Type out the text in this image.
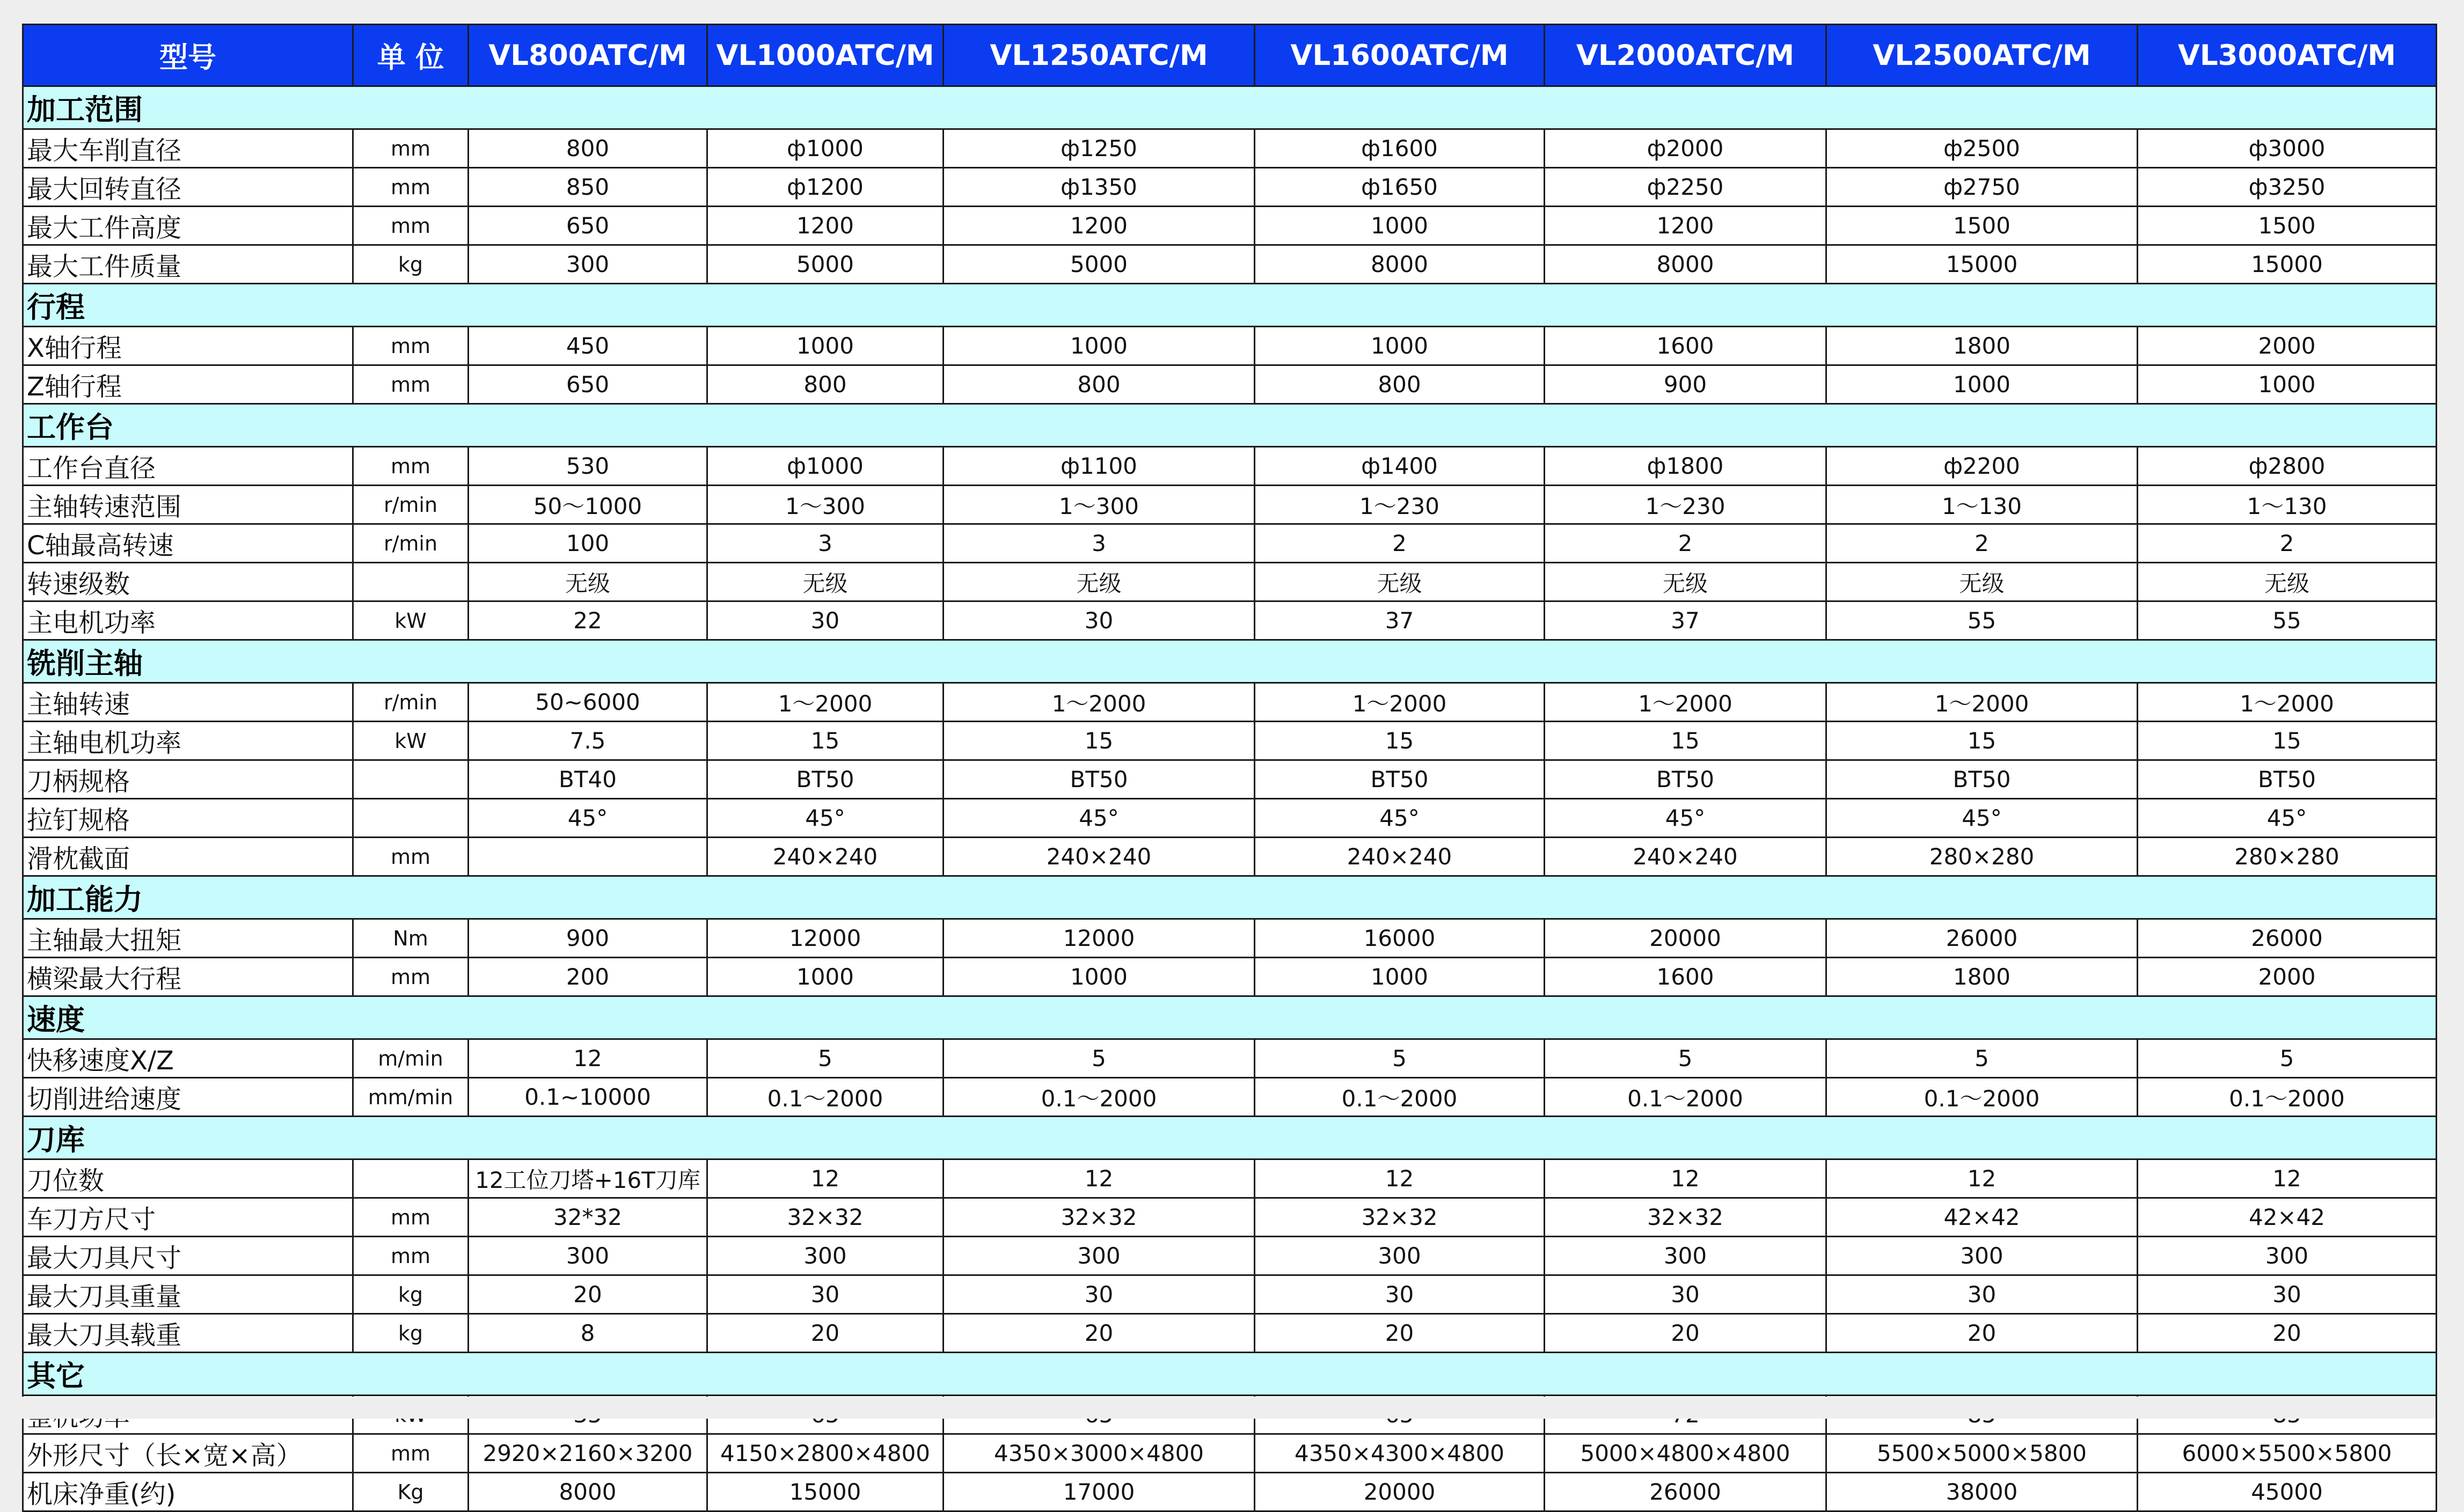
型号	单 位	VL800ATC/M	VL1000ATC/M	VL1250ATC/M	VL1600ATC/M	VL2000ATC/M	VL2500ATC/M	VL3000ATC/M
加工范围								
最大车削直径	mm	800	ф1000	ф1250	ф1600	ф2000	ф2500	ф3000
最大回转直径	mm	850	ф1200	ф1350	ф1650	ф2250	ф2750	ф3250
最大工件高度	mm	650	1200	1200	1000	1200	1500	1500
最大工件质量	kg	300	5000	5000	8000	8000	15000	15000
行程								
X轴行程	mm	450	1000	1000	1000	1600	1800	2000
Z轴行程	mm	650	800	800	800	900	1000	1000
工作台								
工作台直径	mm	530	ф1000	ф1100	ф1400	ф1800	ф2200	ф2800
主轴转速范围	r/min	50～1000	1～300	1～300	1～230	1～230	1～130	1～130
C轴最高转速	r/min	100	3	3	2	2	2	2
转速级数		无级	无级	无级	无级	无级	无级	无级
主电机功率	kW	22	30	30	37	37	55	55
铣削主轴								
主轴转速	r/min	50~6000	1～2000	1～2000	1～2000	1～2000	1～2000	1～2000
主轴电机功率	kW	7.5	15	15	15	15	15	15
刀柄规格		BT40	BT50	BT50	BT50	BT50	BT50	BT50
拉钉规格		45°	45°	45°	45°	45°	45°	45°
滑枕截面	mm		240×240	240×240	240×240	240×240	280×280	280×280
加工能力								
主轴最大扭矩	Nm	900	12000	12000	16000	20000	26000	26000
横梁最大行程	mm	200	1000	1000	1000	1600	1800	2000
速度								
快移速度X/Z	m/min	12	5	5	5	5	5	5
切削进给速度	mm/min	0.1~10000	0.1～2000	0.1～2000	0.1～2000	0.1～2000	0.1～2000	0.1～2000
刀库								
刀位数		12工位刀塔+16T刀库	12	12	12	12	12	12
车刀方尺寸	mm	32*32	32×32	32×32	32×32	32×32	42×42	42×42
最大刀具尺寸	mm	300	300	300	300	300	300	300
最大刀具重量	kg	20	30	30	30	30	30	30
最大刀具载重	kg	8	20	20	20	20	20	20
其它								

外形尺寸（长×宽×高）	mm	2920×2160×3200	4150×2800×4800	4350×3000×4800	4350×4300×4800	5000×4800×4800	5500×5000×5800	6000×5500×5800
机床净重(约)	Kg	8000	15000	17000	20000	26000	38000	45000
